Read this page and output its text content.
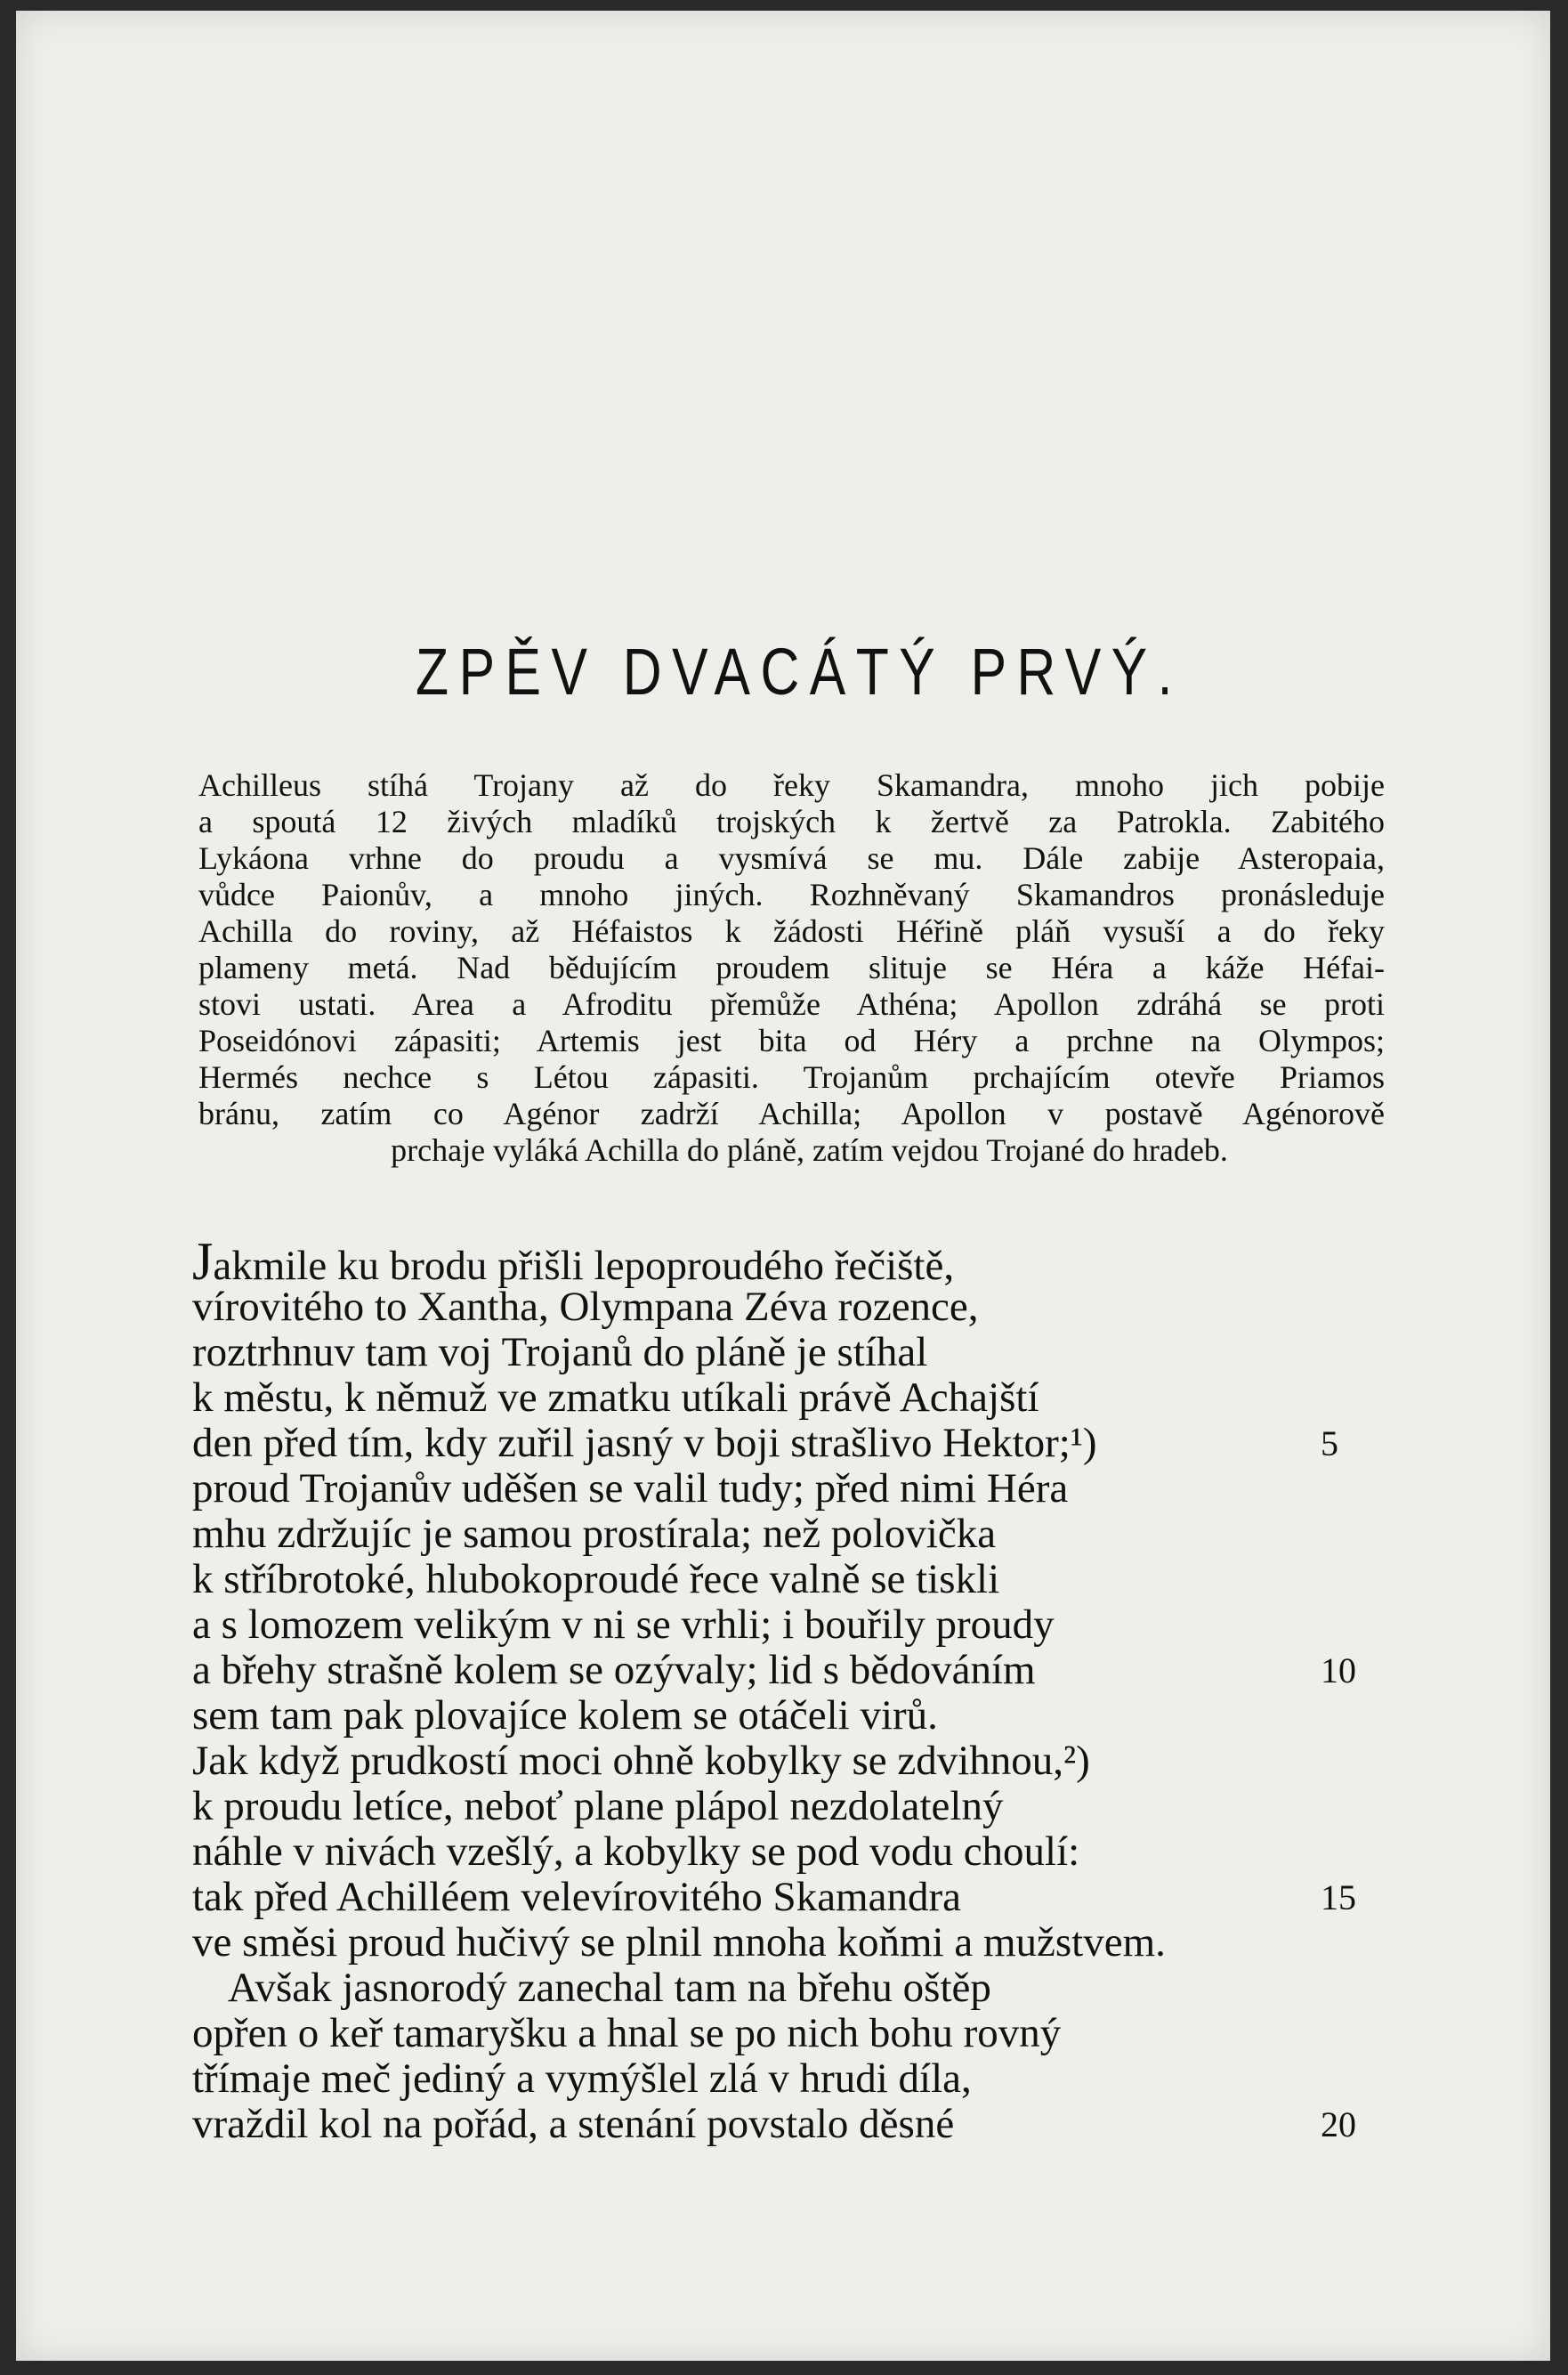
ZPĚV DVACÁTÝ PRVÝ.
Achilleus stíhá Trojany až do řeky Skamandra, mnoho jich pobije
a spoutá 12 živých mladíků trojských k žertvě za Patrokla. Zabitého
Lykáona vrhne do proudu a vysmívá se mu. Dále zabije Asteropaia,
vůdce Paionův, a mnoho jiných. Rozhněvaný Skamandros pronásleduje
Achilla do roviny, až Héfaistos k žádosti Héřině pláň vysuší a do řeky
plameny metá. Nad bědujícím proudem slituje se Héra a káže Héfai-
stovi ustati. Area a Afroditu přemůže Athéna; Apollon zdráhá se proti
Poseidónovi zápasiti; Artemis jest bita od Héry a prchne na Olympos;
Hermés nechce s Létou zápasiti. Trojanům prchajícím otevře Priamos
bránu, zatím co Agénor zadrží Achilla; Apollon v postavě Agénorově
prchaje vyláká Achilla do pláně, zatím vejdou Trojané do hradeb.
Jakmile ku brodu přišli lepoproudého řečiště,
vírovitého to Xantha, Olympana Zéva rozence,
roztrhnuv tam voj Trojanů do pláně je stíhal
k městu, k němuž ve zmatku utíkali právě Achajští
den před tím, kdy zuřil jasný v boji strašlivo Hektor;¹)	5
proud Trojanův uděšen se valil tudy; před nimi Héra
mhu zdržujíc je samou prostírala; než polovička
k stříbrotoké, hlubokoproudé řece valně se tiskli
a s lomozem velikým v ni se vrhli; i bouřily proudy
a břehy strašně kolem se ozývaly; lid s bědováním	10
sem tam pak plovajíce kolem se otáčeli virů.
Jak když prudkostí moci ohně kobylky se zdvihnou,²)
k proudu letíce, neboť plane plápol nezdolatelný
náhle v nivách vzešlý, a kobylky se pod vodu choulí:
tak před Achilléem velevírovitého Skamandra	15
ve směsi proud hučivý se plnil mnoha koňmi a mužstvem.
Avšak jasnorodý zanechal tam na břehu oštěp
opřen o keř tamaryšku a hnal se po nich bohu rovný
třímaje meč jediný a vymýšlel zlá v hrudi díla,
vraždil kol na pořád, a stenání povstalo děsné	20
